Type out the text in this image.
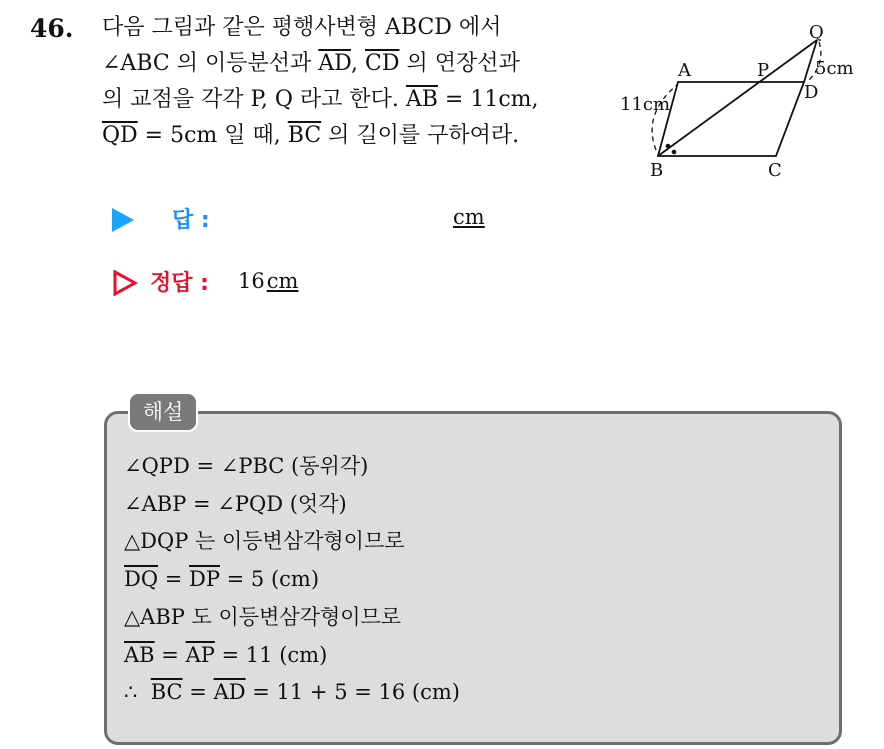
46. 다음 그림과 같은 평행사변형 ABCD 에서
∠ABC 의 이등분선과 $\overline{AD}$, $\overline{CD}$ 의 연장선과
의 교점을 각각 P, Q 라고 한다. $\overline{AB} = 11cm$,
$\overline{QD} = 5cm$ 일 때, $\overline{BC}$ 의 길이를 구하여라.
Q
A	P
D
B	C
11cm
5cm
답 :	cm
정답 : 16cm
해설
∠QPD = ∠PBC (동위각)
∠ABP = ∠PQD (엇각)
△DQP 는 이등변삼각형이므로
$\overline{DQ} = \overline{DP} = 5$ (cm)
△ABP 도 이등변삼각형이므로
$\overline{AB} = \overline{AP} = 11$ (cm)
∴  $\overline{BC} = \overline{AD} = 11 + 5 = 16$ (cm)
